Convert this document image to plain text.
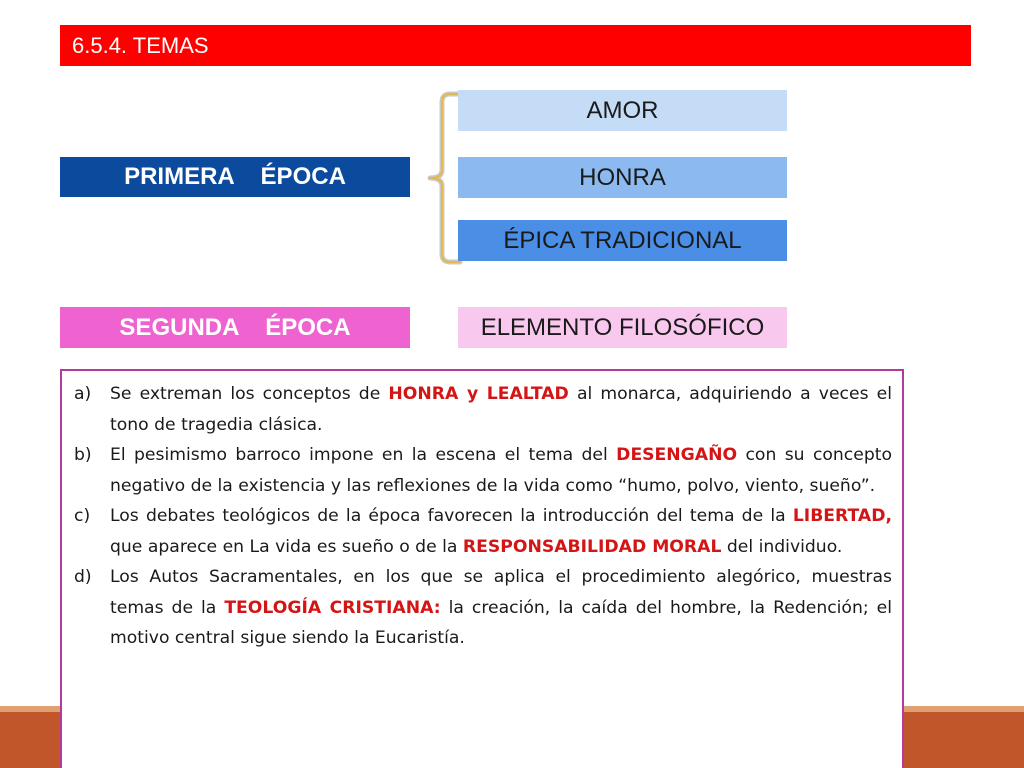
6.5.4. TEMAS
PRIMERA    ÉPOCA
AMOR
HONRA
ÉPICA TRADICIONAL
SEGUNDA    ÉPOCA	ELEMENTO FILOSÓFICO
a) Se extreman los conceptos de HONRA y LEALTAD al monarca, adquiriendo a veces el tono de tragedia clásica.
b) El pesimismo barroco impone en la escena el tema del DESENGAÑO con su concepto negativo de la existencia y las reflexiones de la vida como “humo, polvo, viento, sueño”.
c) Los debates teológicos de la época favorecen la introducción del tema de la LIBERTAD, que aparece en La vida es sueño o de la RESPONSABILIDAD MORAL del individuo.
d) Los Autos Sacramentales, en los que se aplica el procedimiento alegórico, muestras temas de la TEOLOGÍA CRISTIANA: la creación, la caída del hombre, la Redención; el motivo central sigue siendo la Eucaristía.
